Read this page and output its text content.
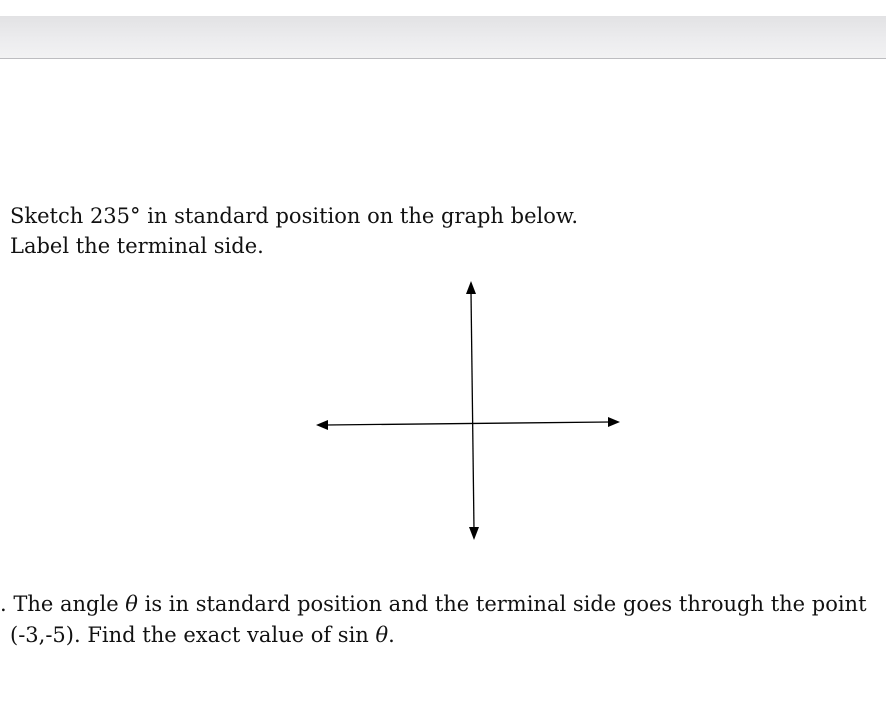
Sketch 235° in standard position on the graph below.
Label the terminal side.
. The angle θ is in standard position and the terminal side goes through the point
(-3,-5). Find the exact value of sin θ.
